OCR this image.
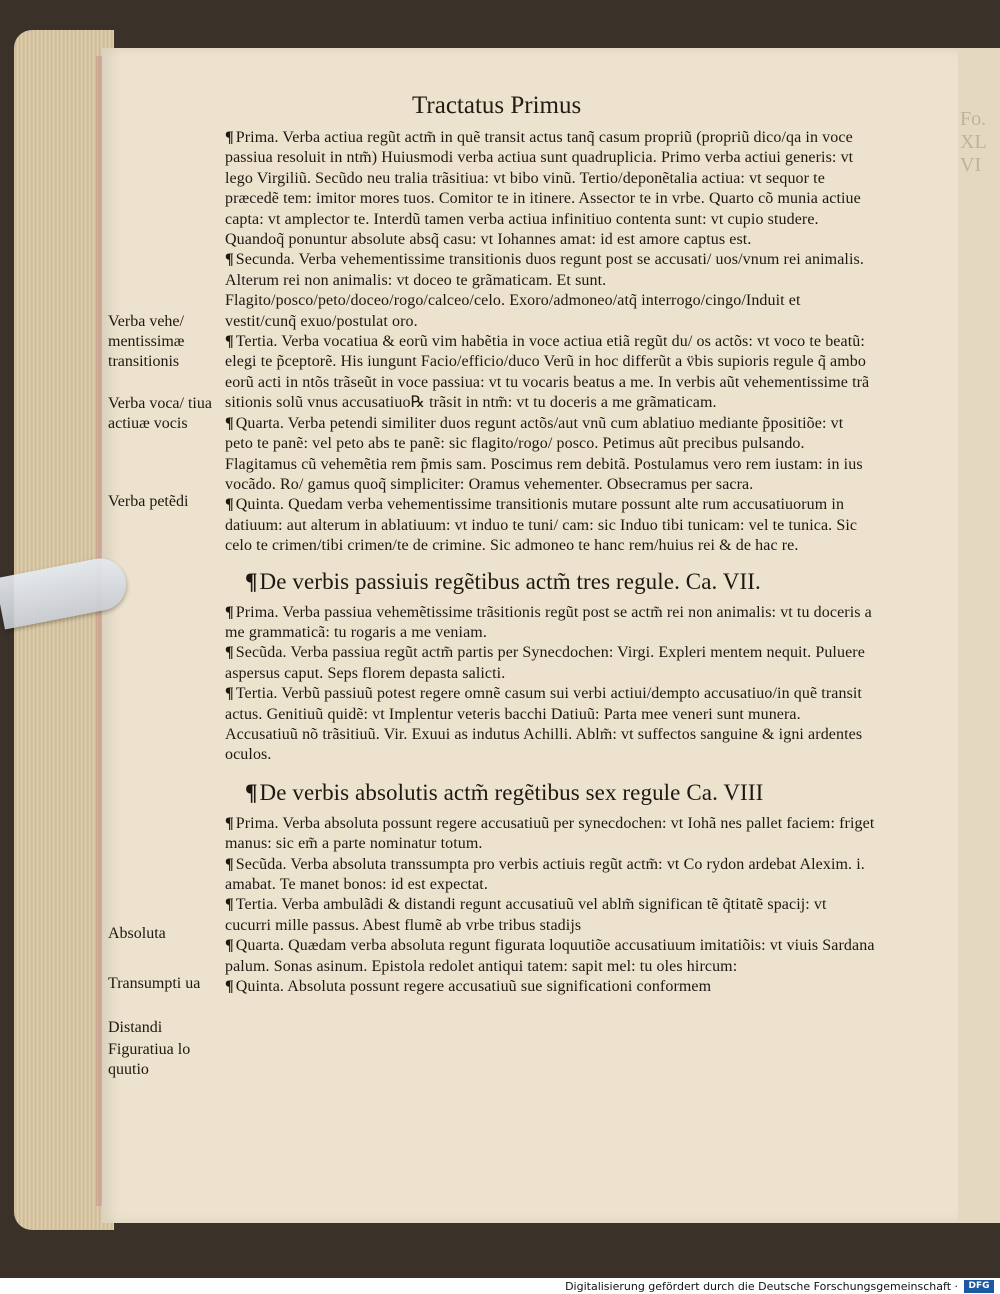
Fo. XL VI
Tractatus Primus

¶ Prima. Verba actiua regũt actm̃ in quẽ transit actus tanq̃ casum propriũ (propriũ dico/qa in voce passiua resoluit in ntm̃) Huiusmodi verba actiua sunt quadruplicia. Primo verba actiui generis: vt lego Virgiliũ. Secũdo neu tralia trãsitiua: vt bibo vinũ. Tertio/deponẽtalia actiua: vt sequor te præcedẽ tem: imitor mores tuos. Comitor te in itinere. Assector te in vrbe. Quarto cõ munia actiue capta: vt amplector te. Interdũ tamen verba actiua infinitiuo contenta sunt: vt cupio studere. Quandoq̃ ponuntur absolute absq̃ casu: vt Iohannes amat: id est amore captus est.

¶ Secunda. Verba vehementissime transitionis duos regunt post se accusati/ uos/vnum rei animalis. Alterum rei non animalis: vt doceo te grãmaticam. Et sunt. Flagito/posco/peto/doceo/rogo/calceo/celo. Exoro/admoneo/atq̃ interrogo/cingo/Induit et vestit/cunq̃ exuo/postulat oro.

¶ Tertia. Verba vocatiua & eorũ vim habẽtia in voce actiua etiã regũt du/ os actõs: vt voco te beatũ: elegi te p̃ceptorẽ. His iungunt Facio/efficio/duco Verũ in hoc differũt a v̈bis supioris regule q̃ ambo eorũ acti in ntõs trãseũt in voce passiua: vt tu vocaris beatus a me. In verbis aũt vehementissime trã sitionis solũ vnus accusatiuo℞ trãsit in ntm̃: vt tu doceris a me grãmaticam.

¶ Quarta. Verba petendi similiter duos regunt actõs/aut vnũ cum ablatiuo mediante p̃positiõe: vt peto te panẽ: vel peto abs te panẽ: sic flagito/rogo/ posco. Petimus aũt precibus pulsando. Flagitamus cũ vehemẽtia rem p̃mis sam. Poscimus rem debitã. Postulamus vero rem iustam: in ius vocãdo. Ro/ gamus quoq̃ simpliciter: Oramus vehementer. Obsecramus per sacra.

¶ Quinta. Quedam verba vehementissime transitionis mutare possunt alte rum accusatiuorum in datiuum: aut alterum in ablatiuum: vt induo te tuni/ cam: sic Induo tibi tunicam: vel te tunica. Sic celo te crimen/tibi crimen/te de crimine. Sic admoneo te hanc rem/huius rei & de hac re.

¶De verbis passiuis regẽtibus actm̃ tres regule. Ca. VII.

¶ Prima. Verba passiua vehemẽtissime trãsitionis regũt post se actm̃ rei non animalis: vt tu doceris a me grammaticã: tu rogaris a me veniam.

¶ Secũda. Verba passiua regũt actm̃ partis per Synecdochen: Virgi. Expleri mentem nequit. Puluere aspersus caput. Seps florem depasta salicti.

¶ Tertia. Verbũ passiuũ potest regere omnẽ casum sui verbi actiui/dempto accusatiuo/in quẽ transit actus. Genitiuũ quidẽ: vt Implentur veteris bacchi Datiuũ: Parta mee veneri sunt munera. Accusatiuũ nõ trãsitiuũ. Vir. Exuui as indutus Achilli. Ablm̃: vt suffectos sanguine & igni ardentes oculos.

¶De verbis absolutis actm̃ regẽtibus sex regule Ca. VIII

¶ Prima. Verba absoluta possunt regere accusatiuũ per synecdochen: vt Iohã nes pallet faciem: friget manus: sic em̃ a parte nominatur totum.

¶ Secũda. Verba absoluta transsumpta pro verbis actiuis regũt actm̃: vt Co rydon ardebat Alexim. i. amabat. Te manet bonos: id est expectat.

¶ Tertia. Verba ambulãdi & distandi regunt accusatiuũ vel ablm̃ significan tẽ q̃titatẽ spacij: vt cucurri mille passus. Abest flumẽ ab vrbe tribus stadijs

¶ Quarta. Quædam verba absoluta regunt figurata loquutiõe accusatiuum imitatiõis: vt viuis Sardana palum. Sonas asinum. Epistola redolet antiqui tatem: sapit mel: tu oles hircum:

¶ Quinta. Absoluta possunt regere accusatiuũ sue significationi conformem

Verba vehe/ mentissimæ transitionis
Verba voca/ tiua actiuæ vocis
Verba petẽdi
Absoluta
Transumpti ua
Distandi
Figuratiua lo quutio
Digitalisierung gefördert durch die Deutsche Forschungsgemeinschaft ·	DFG
